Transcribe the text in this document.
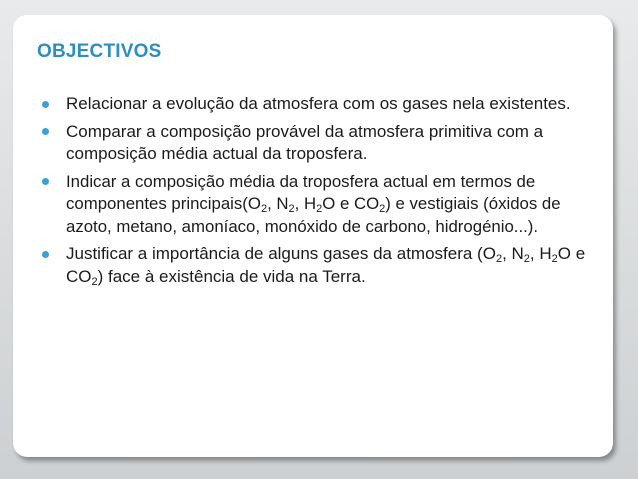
OBJECTIVOS
Relacionar a evolução da atmosfera com os gases nela existentes.
Comparar a composição provável da atmosfera primitiva com a composição média actual da troposfera.
Indicar a composição média da troposfera actual em termos de componentes $principais(O_2$, $N_2$, $H_2O$ e $CO_2$) e vestigiais (óxidos de azoto, metano, amoníaco, monóxido de carbono, hidrogénio...).
Justificar a importância de alguns gases da atmosfera ($O_2$, $N_2$, $H_2O$ e $CO_2$) face à existência de vida na Terra.
